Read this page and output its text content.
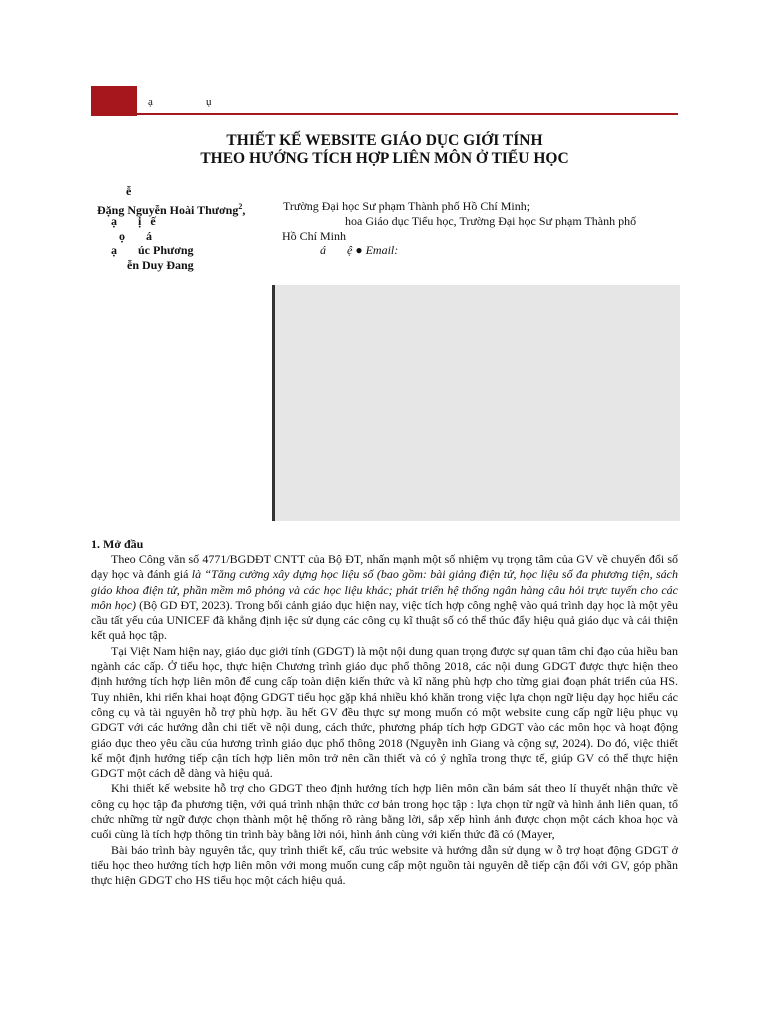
ạ	ụ
THIẾT KẾ WEBSITE GIÁO DỤC GIỚI TÍNH
THEO HƯỚNG TÍCH HỢP LIÊN MÔN Ở TIỂU HỌC
ễ
Đặng Nguyễn Hoài Thương$^2$,
ạ       ị   ế
ọ       á
ạ       úc Phương
ễn Duy Đang
Trường Đại học Sư phạm Thành phố Hồ Chí Minh;
hoa Giáo dục Tiểu học, Trường Đại học Sư phạm Thành phố
Hồ Chí Minh
á       ệ ● Email:
1. Mở đầu

Theo Công văn số 4771/BGDĐT CNTT của Bộ ĐT, nhấn mạnh một số nhiệm vụ trọng tâm của GV về chuyển đổi số dạy học và đánh giá là “Tăng cường xây dựng học liệu số (bao gồm: bài giảng điện tử, học liệu số đa phương tiện, sách giáo khoa điện tử, phần mềm mô phỏng và các học liệu khác; phát triển hệ thống ngân hàng câu hỏi trực tuyến cho các môn học) (Bộ GD ĐT, 2023). Trong bối cảnh giáo dục hiện nay, việc tích hợp công nghệ vào quá trình dạy học là một yêu cầu tất yếu của UNICEF đã khẳng định iệc sử dụng các công cụ kĩ thuật số có thể thúc đẩy hiệu quả giáo dục và cải thiện kết quả học tập.

Tại Việt Nam hiện nay, giáo dục giới tính (GDGT) là một nội dung quan trọng được sự quan tâm chỉ đạo của hiều ban ngành các cấp. Ở tiểu học, thực hiện Chương trình giáo dục phổ thông 2018, các nội dung GDGT được thực hiện theo định hướng tích hợp liên môn để cung cấp toàn diện kiến thức và kĩ năng phù hợp cho từng giai đoạn phát triển của HS. Tuy nhiên, khi riển khai hoạt động GDGT tiểu học gặp khá nhiều khó khăn trong việc lựa chọn ngữ liệu dạy học hiểu các công cụ và tài nguyên hỗ trợ phù hợp. ầu hết GV đều thực sự mong muốn có một website cung cấp ngữ liệu phục vụ GDGT với các hướng dẫn chi tiết về nội dung, cách thức, phương pháp tích hợp GDGT vào các môn học và hoạt động giáo dục theo yêu cầu của hương trình giáo dục phổ thông 2018 (Nguyễn inh Giang và cộng sự, 2024). Do đó, việc thiết kế một định hướng tiếp cận tích hợp liên môn trở nên cần thiết và có ý nghĩa trong thực tế, giúp GV có thể thực hiện GDGT một cách dễ dàng và hiệu quả.

Khi thiết kế website hỗ trợ cho GDGT theo định hướng tích hợp liên môn cần bám sát theo lí thuyết nhận thức về công cụ học tập đa phương tiện, với quá trình nhận thức cơ bản trong học tập : lựa chọn từ ngữ và hình ảnh liên quan, tổ chức những từ ngữ được chọn thành một hệ thống rõ ràng bằng lời, sắp xếp hình ảnh được chọn một cách khoa học và cuối cùng là tích hợp thông tin trình bày bằng lời nói, hình ảnh cùng với kiến thức đã có (Mayer,

Bài báo trình bày nguyên tắc, quy trình thiết kế, cấu trúc website và hướng dẫn sử dụng w ỗ trợ hoạt động GDGT ở tiểu học theo hướng tích hợp liên môn với mong muốn cung cấp một nguồn tài nguyên dễ tiếp cận đối với GV, góp phần thực hiện GDGT cho HS tiểu học một cách hiệu quả.
